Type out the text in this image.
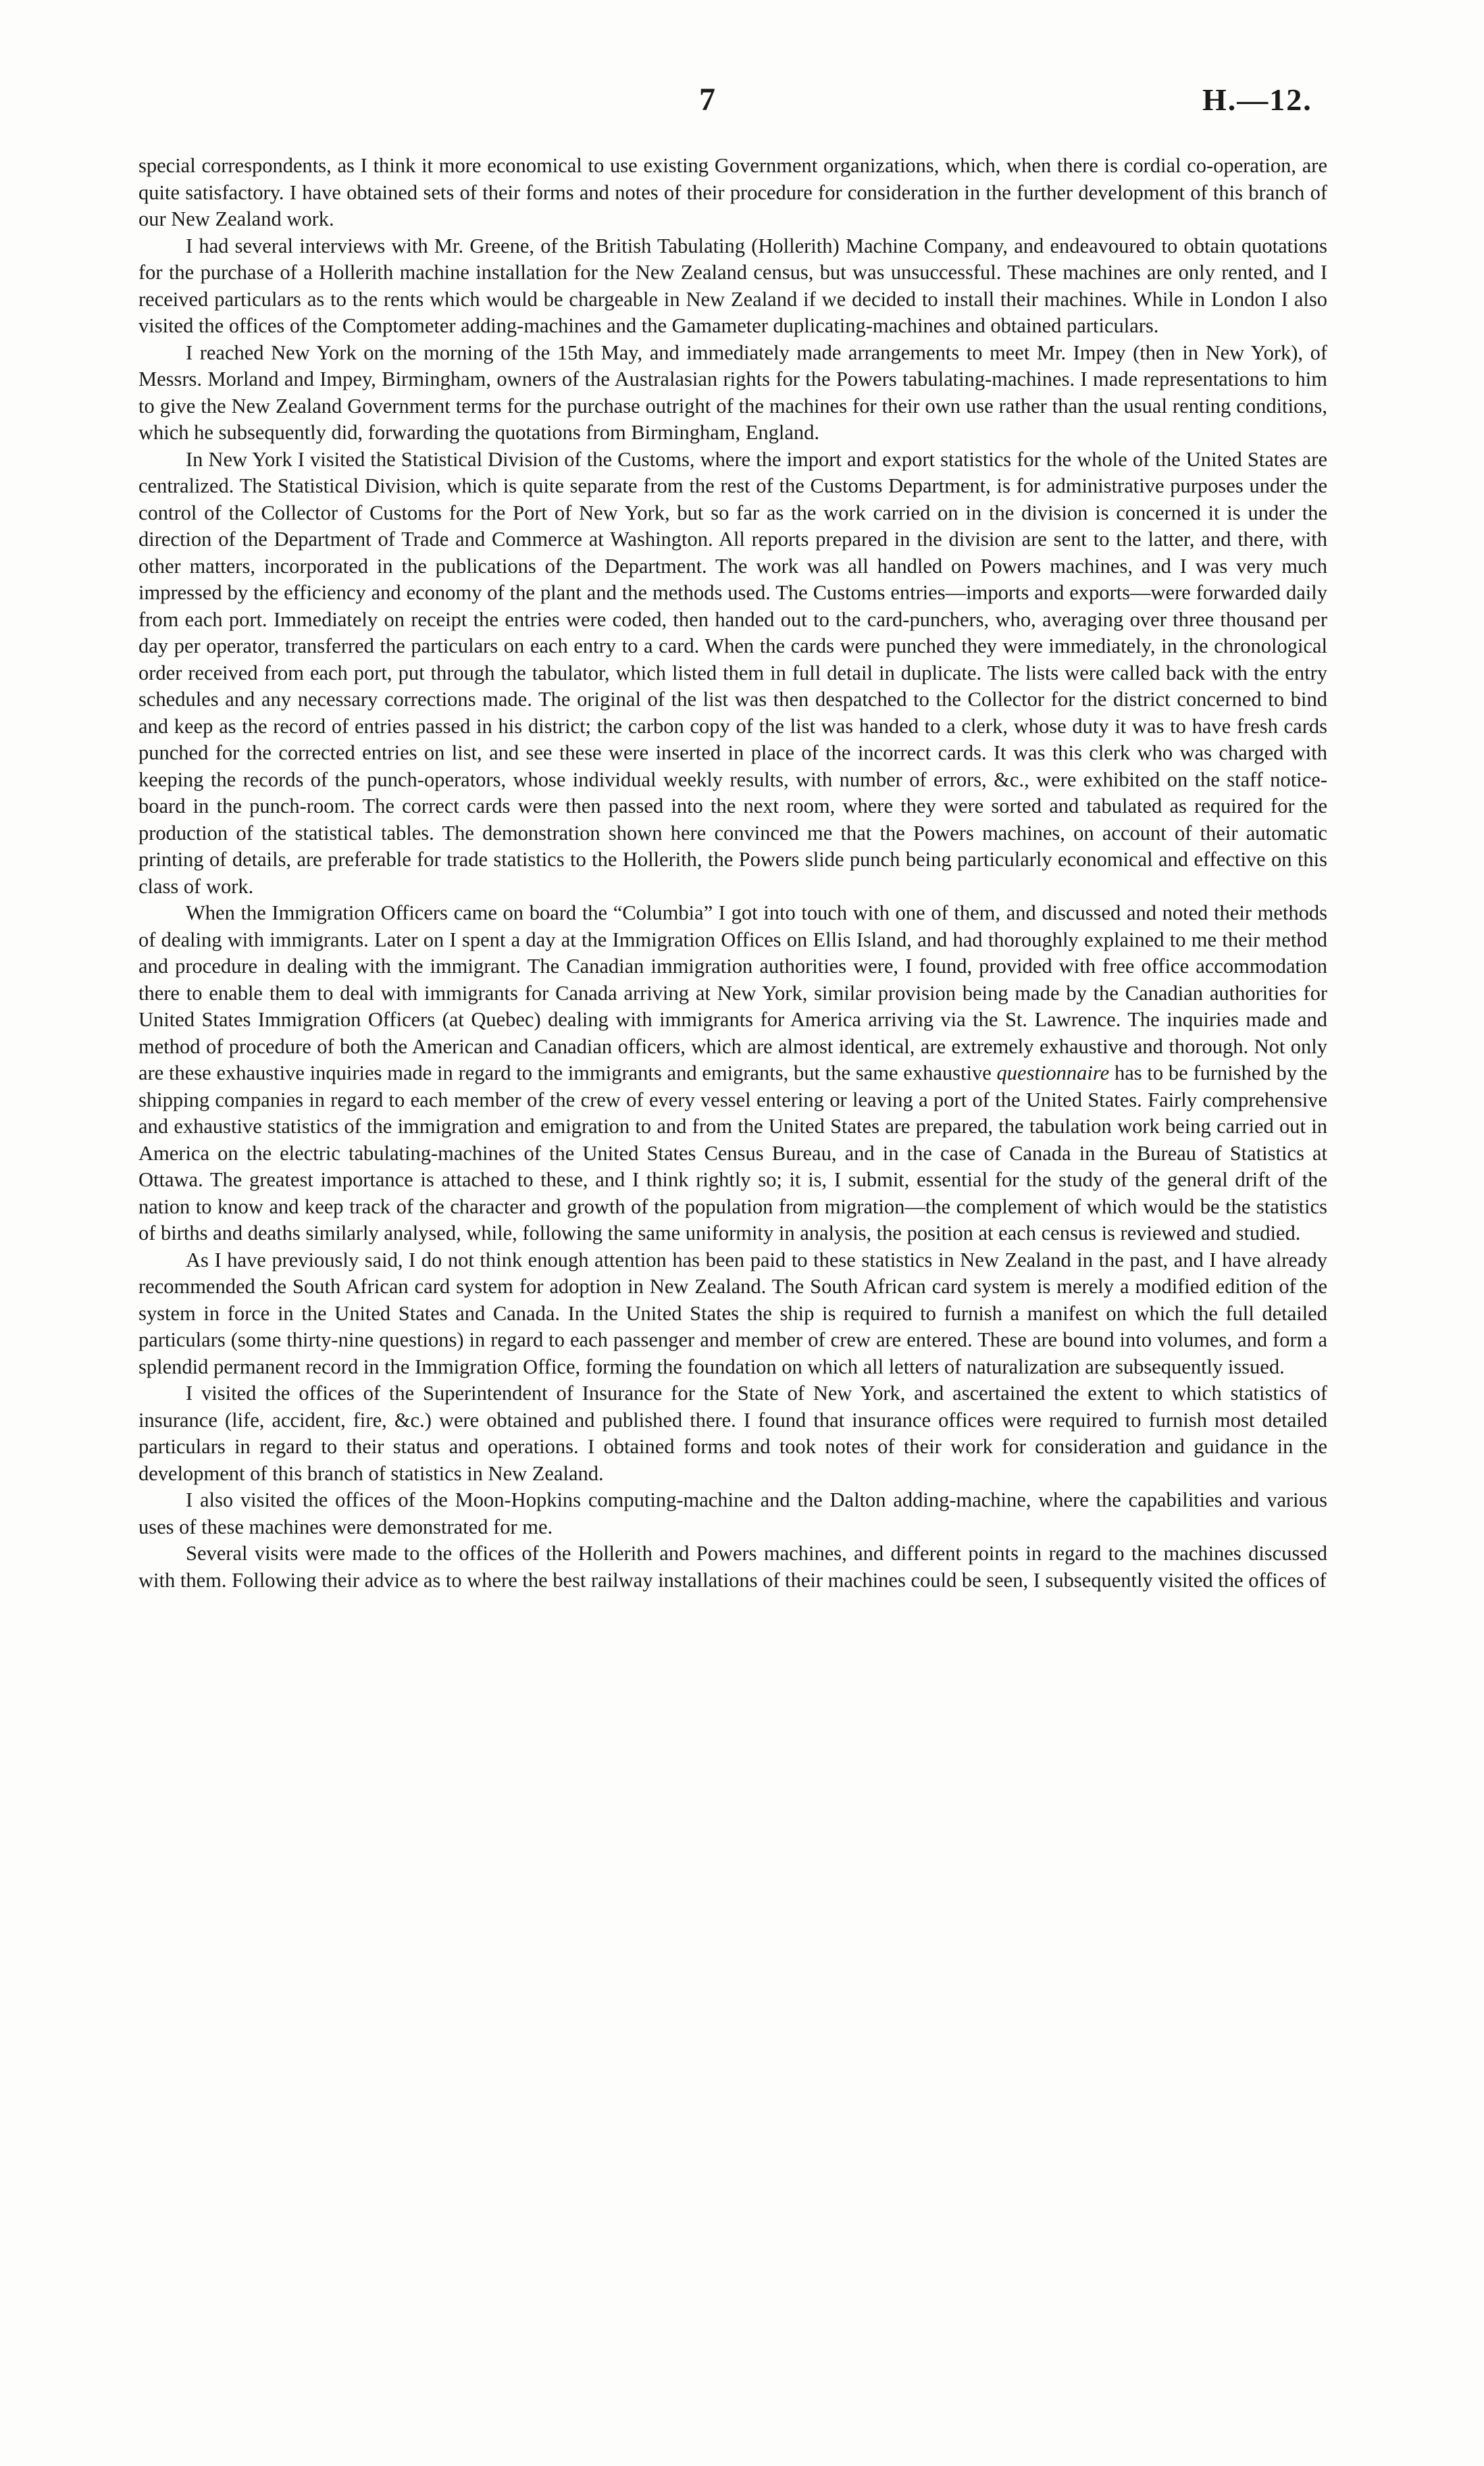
7	H.—12.

special correspondents, as I think it more economical to use existing Government organizations, which, when there is cordial co-operation, are quite satisfactory. I have obtained sets of their forms and notes of their procedure for consideration in the further development of this branch of our New Zealand work.

I had several interviews with Mr. Greene, of the British Tabulating (Hollerith) Machine Company, and endeavoured to obtain quotations for the purchase of a Hollerith machine installation for the New Zealand census, but was unsuccessful. These machines are only rented, and I received particulars as to the rents which would be chargeable in New Zealand if we decided to install their machines. While in London I also visited the offices of the Comptometer adding-machines and the Gamameter duplicating-machines and obtained particulars.

I reached New York on the morning of the 15th May, and immediately made arrangements to meet Mr. Impey (then in New York), of Messrs. Morland and Impey, Birmingham, owners of the Australasian rights for the Powers tabulating-machines. I made representations to him to give the New Zealand Government terms for the purchase outright of the machines for their own use rather than the usual renting conditions, which he subsequently did, forwarding the quotations from Birmingham, England.

In New York I visited the Statistical Division of the Customs, where the import and export statistics for the whole of the United States are centralized. The Statistical Division, which is quite separate from the rest of the Customs Department, is for administrative purposes under the control of the Collector of Customs for the Port of New York, but so far as the work carried on in the division is concerned it is under the direction of the Department of Trade and Commerce at Washington. All reports prepared in the division are sent to the latter, and there, with other matters, incorporated in the publications of the Department. The work was all handled on Powers machines, and I was very much impressed by the efficiency and economy of the plant and the methods used. The Customs entries—imports and exports—were forwarded daily from each port. Immediately on receipt the entries were coded, then handed out to the card-punchers, who, averaging over three thousand per day per operator, transferred the particulars on each entry to a card. When the cards were punched they were immediately, in the chronological order received from each port, put through the tabulator, which listed them in full detail in duplicate. The lists were called back with the entry schedules and any necessary corrections made. The original of the list was then despatched to the Collector for the district concerned to bind and keep as the record of entries passed in his district; the carbon copy of the list was handed to a clerk, whose duty it was to have fresh cards punched for the corrected entries on list, and see these were inserted in place of the incorrect cards. It was this clerk who was charged with keeping the records of the punch-operators, whose individual weekly results, with number of errors, &c., were exhibited on the staff notice-board in the punch-room. The correct cards were then passed into the next room, where they were sorted and tabulated as required for the production of the statistical tables. The demonstration shown here convinced me that the Powers machines, on account of their automatic printing of details, are preferable for trade statistics to the Hollerith, the Powers slide punch being particularly economical and effective on this class of work.

When the Immigration Officers came on board the “Columbia” I got into touch with one of them, and discussed and noted their methods of dealing with immigrants. Later on I spent a day at the Immigration Offices on Ellis Island, and had thoroughly explained to me their method and procedure in dealing with the immigrant. The Canadian immigration authorities were, I found, provided with free office accommodation there to enable them to deal with immigrants for Canada arriving at New York, similar provision being made by the Canadian authorities for United States Immigration Officers (at Quebec) dealing with immigrants for America arriving via the St. Lawrence. The inquiries made and method of procedure of both the American and Canadian officers, which are almost identical, are extremely exhaustive and thorough. Not only are these exhaustive inquiries made in regard to the immigrants and emigrants, but the same exhaustive questionnaire has to be furnished by the shipping companies in regard to each member of the crew of every vessel entering or leaving a port of the United States. Fairly comprehensive and exhaustive statistics of the immigration and emigration to and from the United States are prepared, the tabulation work being carried out in America on the electric tabulating-machines of the United States Census Bureau, and in the case of Canada in the Bureau of Statistics at Ottawa. The greatest importance is attached to these, and I think rightly so; it is, I submit, essential for the study of the general drift of the nation to know and keep track of the character and growth of the population from migration—the complement of which would be the statistics of births and deaths similarly analysed, while, following the same uniformity in analysis, the position at each census is reviewed and studied.

As I have previously said, I do not think enough attention has been paid to these statistics in New Zealand in the past, and I have already recommended the South African card system for adoption in New Zealand. The South African card system is merely a modified edition of the system in force in the United States and Canada. In the United States the ship is required to furnish a manifest on which the full detailed particulars (some thirty-nine questions) in regard to each passenger and member of crew are entered. These are bound into volumes, and form a splendid permanent record in the Immigration Office, forming the foundation on which all letters of naturalization are subsequently issued.

I visited the offices of the Superintendent of Insurance for the State of New York, and ascertained the extent to which statistics of insurance (life, accident, fire, &c.) were obtained and published there. I found that insurance offices were required to furnish most detailed particulars in regard to their status and operations. I obtained forms and took notes of their work for consideration and guidance in the development of this branch of statistics in New Zealand.

I also visited the offices of the Moon-Hopkins computing-machine and the Dalton adding-machine, where the capabilities and various uses of these machines were demonstrated for me.

Several visits were made to the offices of the Hollerith and Powers machines, and different points in regard to the machines discussed with them. Following their advice as to where the best railway installations of their machines could be seen, I subsequently visited the offices of
